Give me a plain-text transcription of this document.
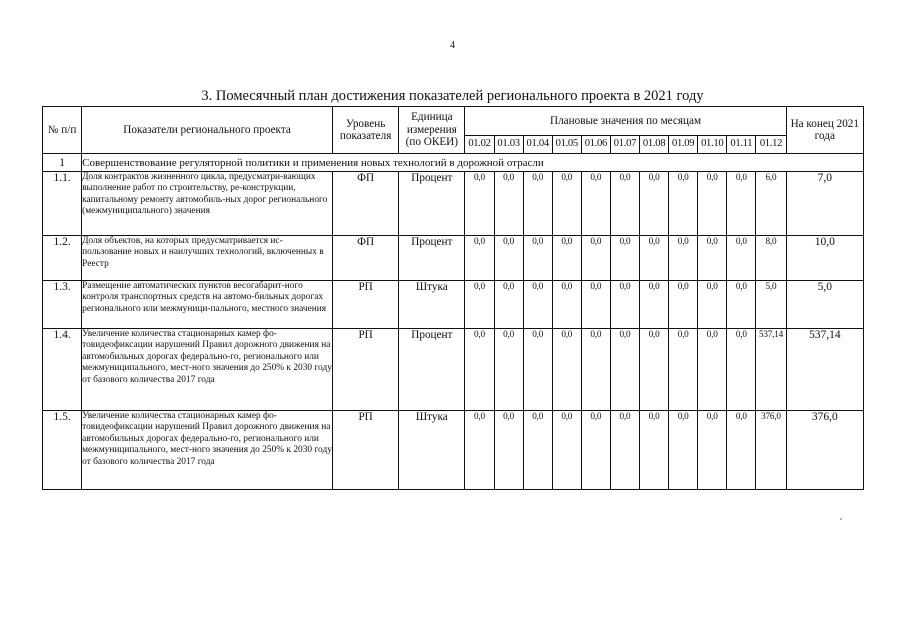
4
3. Помесячный план достижения показателей регионального проекта в 2021 году
№ п/п	Показатели регионального проекта	Уровень показателя	Единица измерения (по ОКЕИ)	Плановые значения по месяцам											На конец 2021 года
				01.02	01.03	01.04	01.05	01.06	01.07	01.08	01.09	01.10	01.11	01.12	
1	Совершенствование регуляторной политики и применения новых технологий в дорожной отрасли														
1.1.	Доля контрактов жизненного цикла, предусматри-вающих выполнение работ по строительству, ре-конструкции, капитальному ремонту автомобиль-ных дорог регионального (межмуниципального) значения	ФП	Процент	0,0	0,0	0,0	0,0	0,0	0,0	0,0	0,0	0,0	0,0	6,0	7,0
1.2.	Доля объектов, на которых предусматривается ис-пользование новых и наилучших технологий, включенных в Реестр	ФП	Процент	0,0	0,0	0,0	0,0	0,0	0,0	0,0	0,0	0,0	0,0	8,0	10,0
1.3.	Размещение автоматических пунктов весогабарит-ного контроля транспортных средств на автомо-бильных дорогах регионального или межмуници-пального, местного значения	РП	Штука	0,0	0,0	0,0	0,0	0,0	0,0	0,0	0,0	0,0	0,0	5,0	5,0
1.4.	Увеличение количества стационарных камер фо-товидеофиксации нарушений Правил дорожного движения на автомобильных дорогах федерально-го, регионального или межмуниципального, мест-ного значения до 250% к 2030 году от базового количества 2017 года	РП	Процент	0,0	0,0	0,0	0,0	0,0	0,0	0,0	0,0	0,0	0,0	537,14	537,14
1.5.	Увеличение количества стационарных камер фо-товидеофиксации нарушений Правил дорожного движения на автомобильных дорогах федерально-го, регионального или межмуниципального, мест-ного значения до 250% к 2030 году от базового количества 2017 года	РП	Штука	0,0	0,0	0,0	0,0	0,0	0,0	0,0	0,0	0,0	0,0	376,0	376,0
